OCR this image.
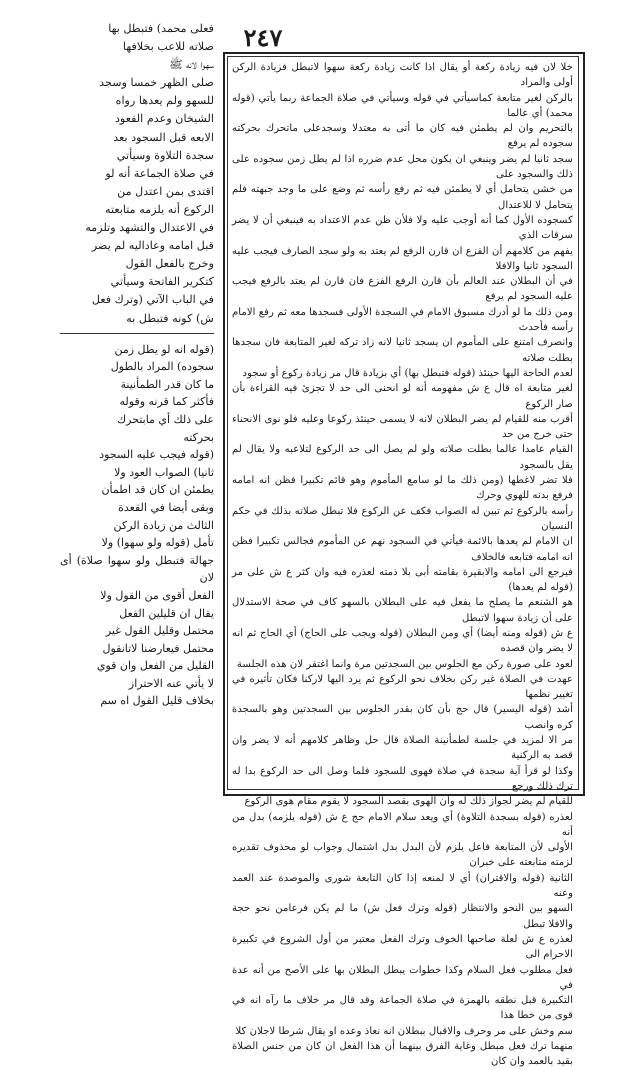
٢٤٧

فعلى محمد) فتبطل بها

صلاته للاعب بخلافها

سهوا لانه ﷺ

صلى الظهر خمسا وسجد

للسهو ولم يعدها رواه

الشيخان وعدم القعود

الابعه قبل السجود بعد

سجدة التلاوة وسيأتي

في صلاة الجماعة أنه لو

اقتدى بمن اعتدل من

الركوع أنه يلزمه متابعته

في الاعتدال والتشهد وتلزمه

قبل امامه وعاداليه لم يضر

وخرج بالفعل القول

كتكرير الفاتحة وسيأتي

في الباب الآتي (وترك فعل

ش) كونه فتبطل به

(قوله انه لو يطل زمن

سجوده) المراد بالطول

ما كان قدر الطمأنينة

فأكثر كما قرنه وقوله

على ذلك أي مابتحرك

بحركته

(قوله فيجب عليه السجود

ثانيا) الصواب العود ولا

يطمئن ان كان قد اطمأن

وبقى أيضا في القعدة

الثالث من زيادة الركن

تأمل (قوله ولو سهوا) ولا

جهالة فتبطل ولو سهوا صلاة) أى لان

الفعل أقوى من القول ولا

يقال ان قليلين الفعل

محتمل وقليل القول غير

محتمل فيعارضنا لاتانقول

القليل من الفعل وان قوي

لا يأتي عنه الاحتراز

بخلاف قليل القول اه سم

خلا لان فيه زيادة ركعة أو يقال اذا كانت زيادة ركعة سهوا لاتبطل فزيادة الركن أولى والمراد

بالركن لغير متابعة كماسيأتي في قوله وسيأتي في صلاة الجماعة ربما يأتي (قوله محمد) أي عالما

بالتحريم وان لم يطمئن فيه كان ما أتى به معتدلا وسجدعلى ماتحرك بحركته سجوده لم يرفع

سجد ثانيا لم يضر وينبغي ان يكون محل عدم ضرره اذا لم يطل زمن سجوده على ذلك والسجود على

من خشن يتحامل أي لا يطمئن فيه ثم رفع رأسه ثم وضع على ما وجد جبهته فلم يتحامل لا للاعتدال

كسجوده الأول كما أنه أوجب عليه ولا فلأن ظن عدم الاعتداد به فينبغي أن لا يضر سرقات الذي

يفهم من كلامهم أن الفزع ان قارن الرفع لم يعتد به ولو سجد الصارف فيجب عليه السجود ثانيا والافلا

في أن البطلان عند العالم بأن قارن الرفع الفزع فان قارن لم يعتد بالرفع فيجب عليه السجود لم يرفع

ومن ذلك ما لو أدرك مسبوق الامام في السجدة الأولى فسجدها معه ثم رفع الامام رأسه فأحدث

وانصرف امتنع على المأموم ان يسجد ثانيا لانه زاد تركه لغير المتابعة فان سجدها بطلت صلاته

لعدم الحاجة اليها حينئذ (قوله فتبطل بها) أي بزيادة قال مر زيادة ركوع أو سجود

لغير متابعة اه قال ع ش مفهومه أنه لو انحنى الى حد لا تجزئ فيه القراءة بأن صار الركوع

أقرب منه للقيام لم يضر البطلان لانه لا يسمى حينئذ ركوعا وعليه فلو نوى الانحناء حتى خرج من حد

القيام عامدا عالما بطلت صلاته ولو لم يصل الى حد الركوع لتلاعبه ولا يقال لم يقل بالسجود

فلا تضر لاغطها (ومن ذلك ما لو سامع المأموم وهو قائم تكبيرا فظن انه امامه فرفع بدنه للهوي وحرك

رأسه بالركوع ثم تبين له الصواب فكف عن الركوع فلا تبطل صلاته بذلك في حكم النسيان

ان الامام لم يعدها بالائمة فيأتي في السجود نهم عن المأموم فجالس تكبيرا فظن انه امامه فتابعه فالخلاف

فيرجع الى امامه والابقيرة بقامته أبى بلا ذمته لعذره فيه وان كثر ع ش على مر (قوله لم يعدها)

هو الشنعم ما يصلح ما يفعل فيه على البطلان بالسهو كاف في صحة الاستدلال على أن زيادة سهوا لاتبطل

ع ش (قوله ومنه أيضا) أي ومن البطلان (قوله ويجب على الحاج) أي الحاج ثم انه لا يضر وان قصده

لعود على صورة ركن مع الجلوس بين السجدتين مرة وانما اغتفر لان هذه الجلسة

عهدت في الصلاة غير ركن بخلاف نحو الركوع ثم يرد اليها لاركنا فكان تأثيره في تغيير نظمها

أشد (قوله اليسير) قال حج بأن كان بقدر الجلوس بين السجدتين وهو بالسجدة كره وانصب

مر الا لمزيد في جلسة لطمأنينة الصلاة قال حل وظاهر كلامهم أنه لا يضر وان قصد به الركنية

وكذا لو قرأ آية سجدة في صلاة فهوى للسجود فلما وصل الى حد الركوع بدا له ترك ذلك ورجع

للقيام لم يضر لجواز ذلك له وأن الهوى بقصد السجود لا يقوم مقام هوى الركوع

لعذره (قوله بسجدة التلاوة) أي ويعد سلام الامام حج ع ش (قوله يلزمه) بدل من أنه

الأولى لأن المتابعة فاعل يلزم لأن البدل بدل اشتمال وجواب لو محذوف تقديره لزمته متابعته على خبران

الثانية (قوله والاقتران) أي لا لمنعه إذا كان التابعة شورى والموصدة عند العمد وعنه

السهو بين النحو والانتظار (قوله وترك فعل ش) ما لم يكن فرعامن نحو حجة والافلا تبطل

لعذره ع ش لعلة صاحبها الخوف وترك الفعل معتبر من أول الشروع في تكبيرة الاحرام الى

فعل مطلوب فعل السلام وكذا خطوات يبطل البطلان بها على الأصح من أنه عدة في

التكبيرة قبل نطقه بالهمزة في صلاة الجماعة وقد قال مر خلاف ما رآه انه في قوى من خطا هذا

سم وخش على مر وحرف والاقبال ببطلان انه نعاذ وعده او يقال شرطا لاجلان كلا

منهما ترك فعل مبطل وغاية الفرق بينهما أن هذا الفعل ان كان من جنس الصلاة بقيد بالعمد وان كان
